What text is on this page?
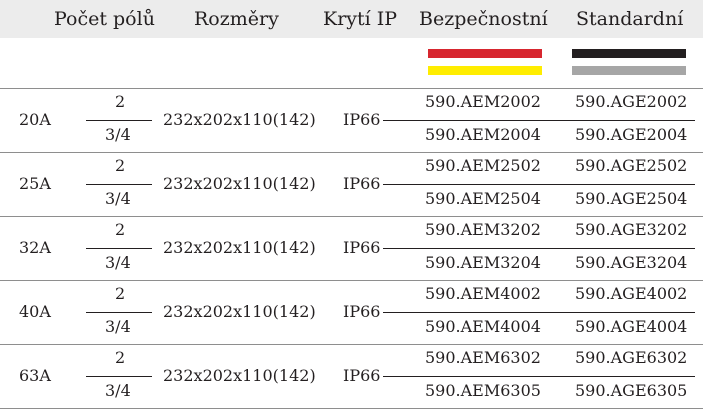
Počet pólů Rozměry Krytí IP Bezpečnostní Standardní
20A
2
3/4
232x202x110(142) IP66
590.AEM2002
590.AEM2004
590.AGE2002
590.AGE2004
25A
2
3/4
232x202x110(142) IP66
590.AEM2502
590.AEM2504
590.AGE2502
590.AGE2504
32A
2
3/4
232x202x110(142) IP66
590.AEM3202
590.AEM3204
590.AGE3202
590.AGE3204
40A
2
3/4
232x202x110(142) IP66
590.AEM4002
590.AEM4004
590.AGE4002
590.AGE4004
63A
2
3/4
232x202x110(142) IP66
590.AEM6302
590.AEM6305
590.AGE6302
590.AGE6305
